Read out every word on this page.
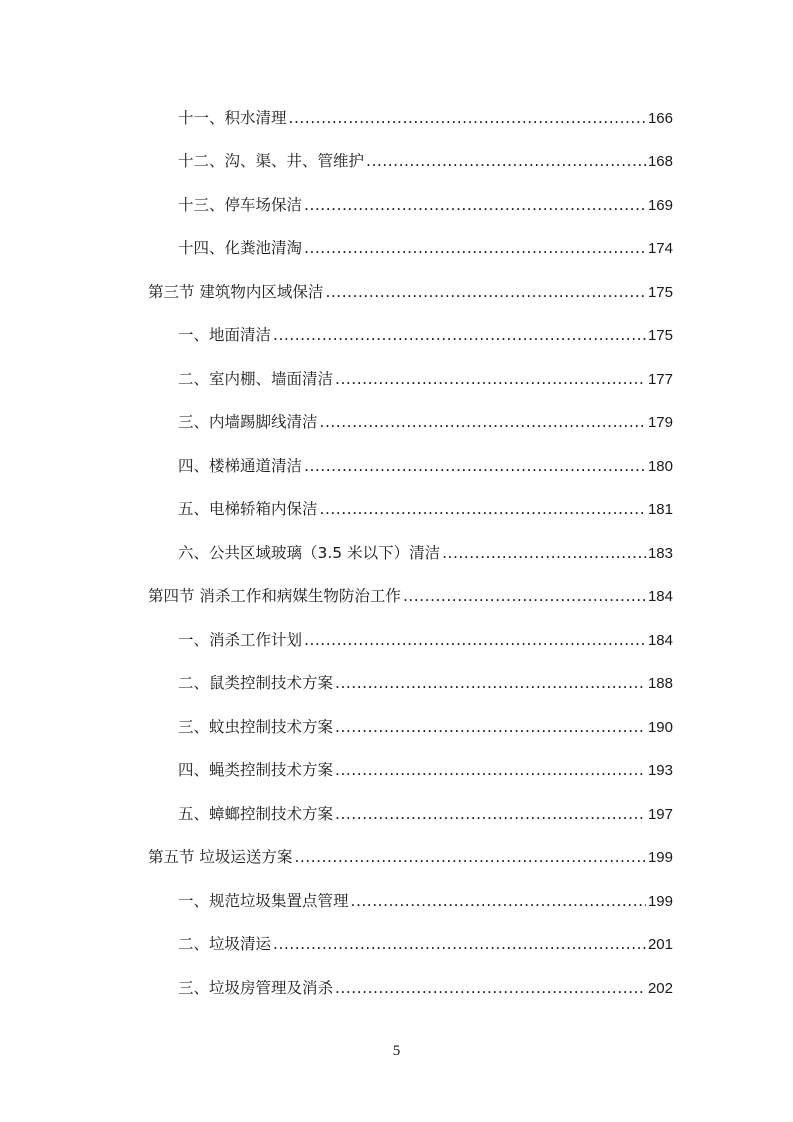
十一、积水清理 .....	166
十二、沟、渠、井、管维护 .....	168
十三、停车场保洁 .....	169
十四、化粪池清淘 .....	174
第三节 建筑物内区域保洁 .....	175
一、地面清洁 .....	175
二、室内棚、墙面清洁 .....	177
三、内墙踢脚线清洁 .....	179
四、楼梯通道清洁 .....	180
五、电梯轿箱内保洁 .....	181
六、公共区域玻璃（3.5 米以下）清洁 .....	183
第四节 消杀工作和病媒生物防治工作 .....	184
一、消杀工作计划 .....	184
二、鼠类控制技术方案 .....	188
三、蚊虫控制技术方案 .....	190
四、蝇类控制技术方案 .....	193
五、蟑螂控制技术方案 .....	197
第五节 垃圾运送方案 .....	199
一、规范垃圾集置点管理 .....	199
二、垃圾清运 .....	201
三、垃圾房管理及消杀 .....	202
5
